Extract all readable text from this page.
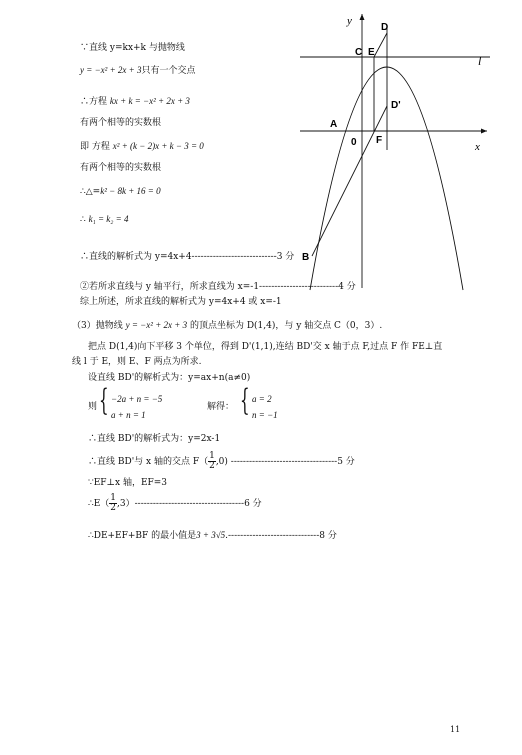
y
x
D
C E
l
D'
A
0 F
B
∵直线 y=kx+k 与抛物线
y = −x² + 2x + 3只有一个交点
∴方程 kx + k = −x² + 2x + 3
有两个相等的实数根
即 方程 x² + (k − 2)x + k − 3 = 0
有两个相等的实数根
∴△=k² − 8k + 16 = 0
∴ k₁ = k₂ = 4
∴直线的解析式为 y=4x+4----------------------------3 分
②若所求直线与 y 轴平行，所求直线为 x=-1--------------------------4 分
综上所述，所求直线的解析式为 y=4x+4 或 x=-1
（3）抛物线 y = −x² + 2x + 3 的顶点坐标为 D(1,4)，与 y 轴交点 C（0，3）.
把点 D(1,4)向下平移 3 个单位，得到 D'(1,1),连结 BD'交 x 轴于点 F,过点 F 作 FE⊥直
线 l 于 E，则 E、F 两点为所求.
设直线 BD'的解析式为：y=ax+n(a≠0)
则 { −2a + n = −5
a + n = 1
解得： { a = 2
n = −1
∴直线 BD'的解析式为：y=2x-1
∴直线 BD'与 x 轴的交点 $F( \frac{1}{2} ,0)$ -----------------------------------5 分
∵EF⊥x 轴，EF=3
∴E（ $\frac{1}{2} ,3)------------------------------------6$ 分
∴DE+EF+BF 的最小值是3 + 3√5.------------------------------8 分
11
